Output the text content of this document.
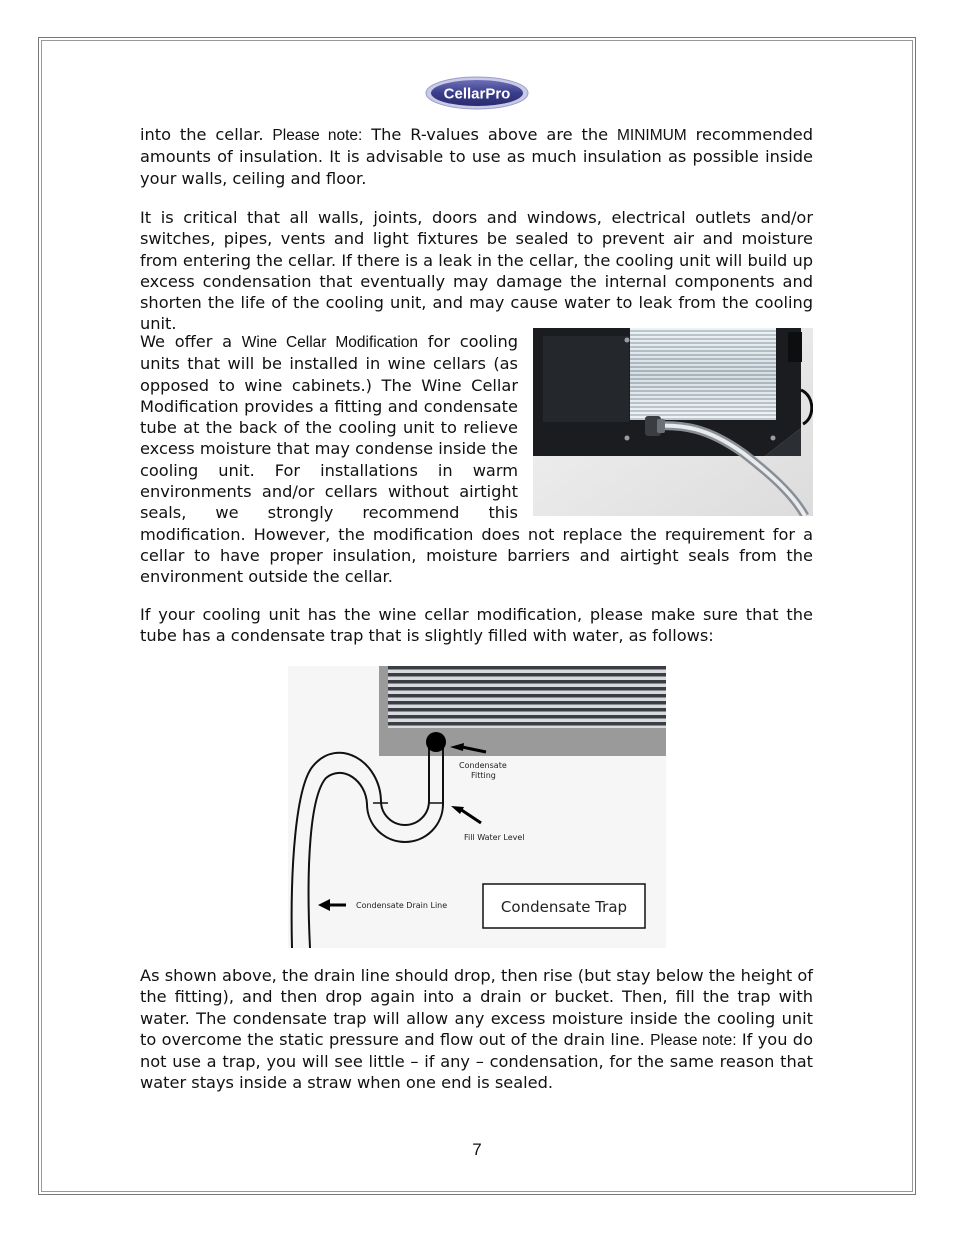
CellarPro

into the cellar. Please note: The R-values above are the MINIMUM recommended amounts of insulation. It is advisable to use as much insulation as possible inside your walls, ceiling and floor.

It is critical that all walls, joints, doors and windows, electrical outlets and/or switches, pipes, vents and light fixtures be sealed to prevent air and moisture from entering the cellar. If there is a leak in the cellar, the cooling unit will build up excess condensation that eventually may damage the internal components and shorten the life of the cooling unit, and may cause water to leak from the cooling unit.

We offer a Wine Cellar Modification for cooling units that will be installed in wine cellars (as opposed to wine cabinets.) The Wine Cellar Modification provides a fitting and condensate tube at the back of the cooling unit to relieve excess moisture that may condense inside the cooling unit. For installations in warm environments and/or cellars without airtight seals, we strongly recommend this modification. However, the modification does not replace the requirement for a cellar to have proper insulation, moisture barriers and airtight seals from the environment outside the cellar.

If your cooling unit has the wine cellar modification, please make sure that the tube has a condensate trap that is slightly filled with water, as follows:

Condensate
Fitting
Fill Water Level
Condensate Drain Line	Condensate Trap

As shown above, the drain line should drop, then rise (but stay below the height of the fitting), and then drop again into a drain or bucket. Then, fill the trap with water. The condensate trap will allow any excess moisture inside the cooling unit to overcome the static pressure and flow out of the drain line. Please note: If you do not use a trap, you will see little – if any – condensation, for the same reason that water stays inside a straw when one end is sealed.

7
